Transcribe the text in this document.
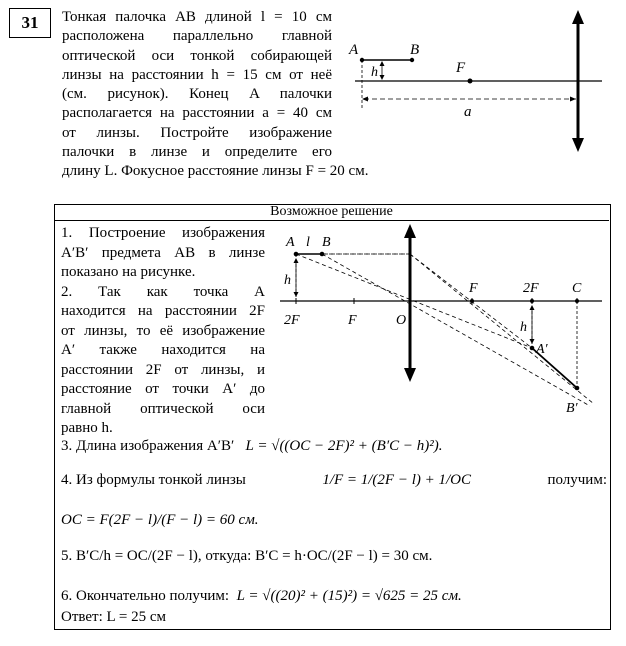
31	Тонкая палочка AB длиной l = 10 см
расположена параллельно главной
оптической оси тонкой собирающей
линзы на расстоянии h = 15 см от неё
(см. рисунок). Конец A палочки
располагается на расстоянии a = 40 см
от линзы. Постройте изображение
палочки в линзе и определите его
длину L. Фокусное расстояние линзы F = 20 см.
A	B
h	F
a
Возможное решение
1. Построение изображения
A′B′ предмета AB в линзе
показано на рисунке.
2. Так как точка A
находится на расстоянии 2F
от линзы, то её изображение
A′ также находится на
расстоянии 2F от линзы, и
расстояние от точки A′ до
главной оптической оси
равно h.
A l B
h
h
2F	F	O
F	2F C
A′
B′
3. Длина изображения A′B′ L = √((OC − 2F)² + (B′C − h)²).
4. Из формулы тонкой линзы	1/F = 1/(2F − l) + 1/OC	получим:
OC = F(2F − l)/(F − l) = 60 см.
5. B′C/h = OC/(2F − l), откуда: B′C = h·OC/(2F − l) = 30 см.
6. Окончательно получим: L = √((20)² + (15)²) = √625 = 25 см.
Ответ: L = 25 см
